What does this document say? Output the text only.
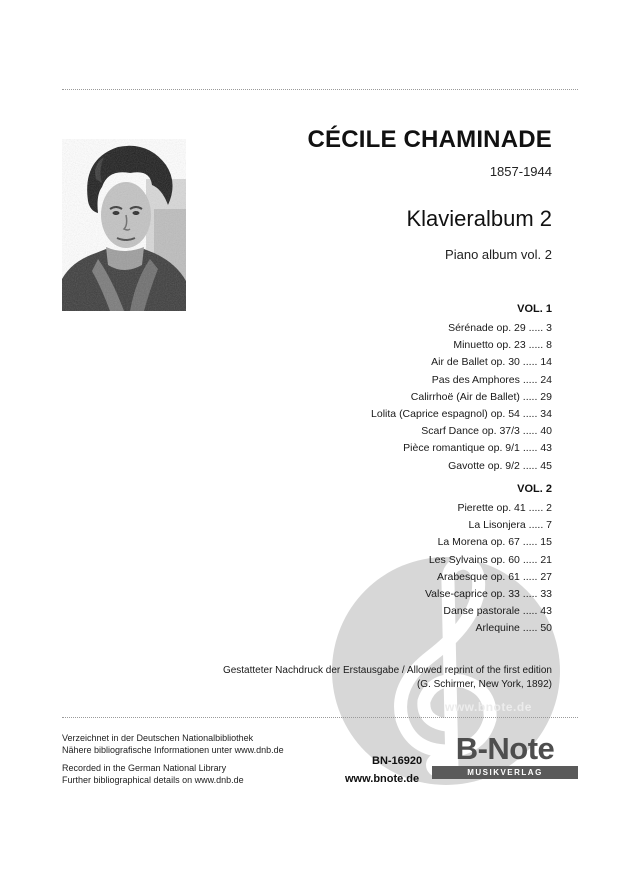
CÉCILE CHAMINADE
1857-1944
Klavieralbum 2
Piano album vol. 2
www.bnote.de
VOL. 1
Sérénade op. 29 ..... 3
Minuetto op. 23 ..... 8
Air de Ballet op. 30 ..... 14
Pas des Amphores ..... 24
Calirrhoë (Air de Ballet) ..... 29
Lolita (Caprice espagnol) op. 54 ..... 34
Scarf Dance op. 37/3 ..... 40
Pièce romantique op. 9/1 ..... 43
Gavotte op. 9/2 ..... 45
VOL. 2
Pierette op. 41 ..... 2
La Lisonjera ..... 7
La Morena op. 67 ..... 15
Les Sylvains op. 60 ..... 21
Arabesque op. 61 ..... 27
Valse-caprice op. 33 ..... 33
Danse pastorale ..... 43
Arlequine ..... 50
Gestatteter Nachdruck der Erstausgabe / Allowed reprint of the first edition
(G. Schirmer, New York, 1892)
Verzeichnet in der Deutschen Nationalbibliothek
Nähere bibliografische Informationen unter www.dnb.de
Recorded in the German National Library
Further bibliographical details on www.dnb.de
BN-16920
www.bnote.de
B-Note
MUSIKVERLAG
